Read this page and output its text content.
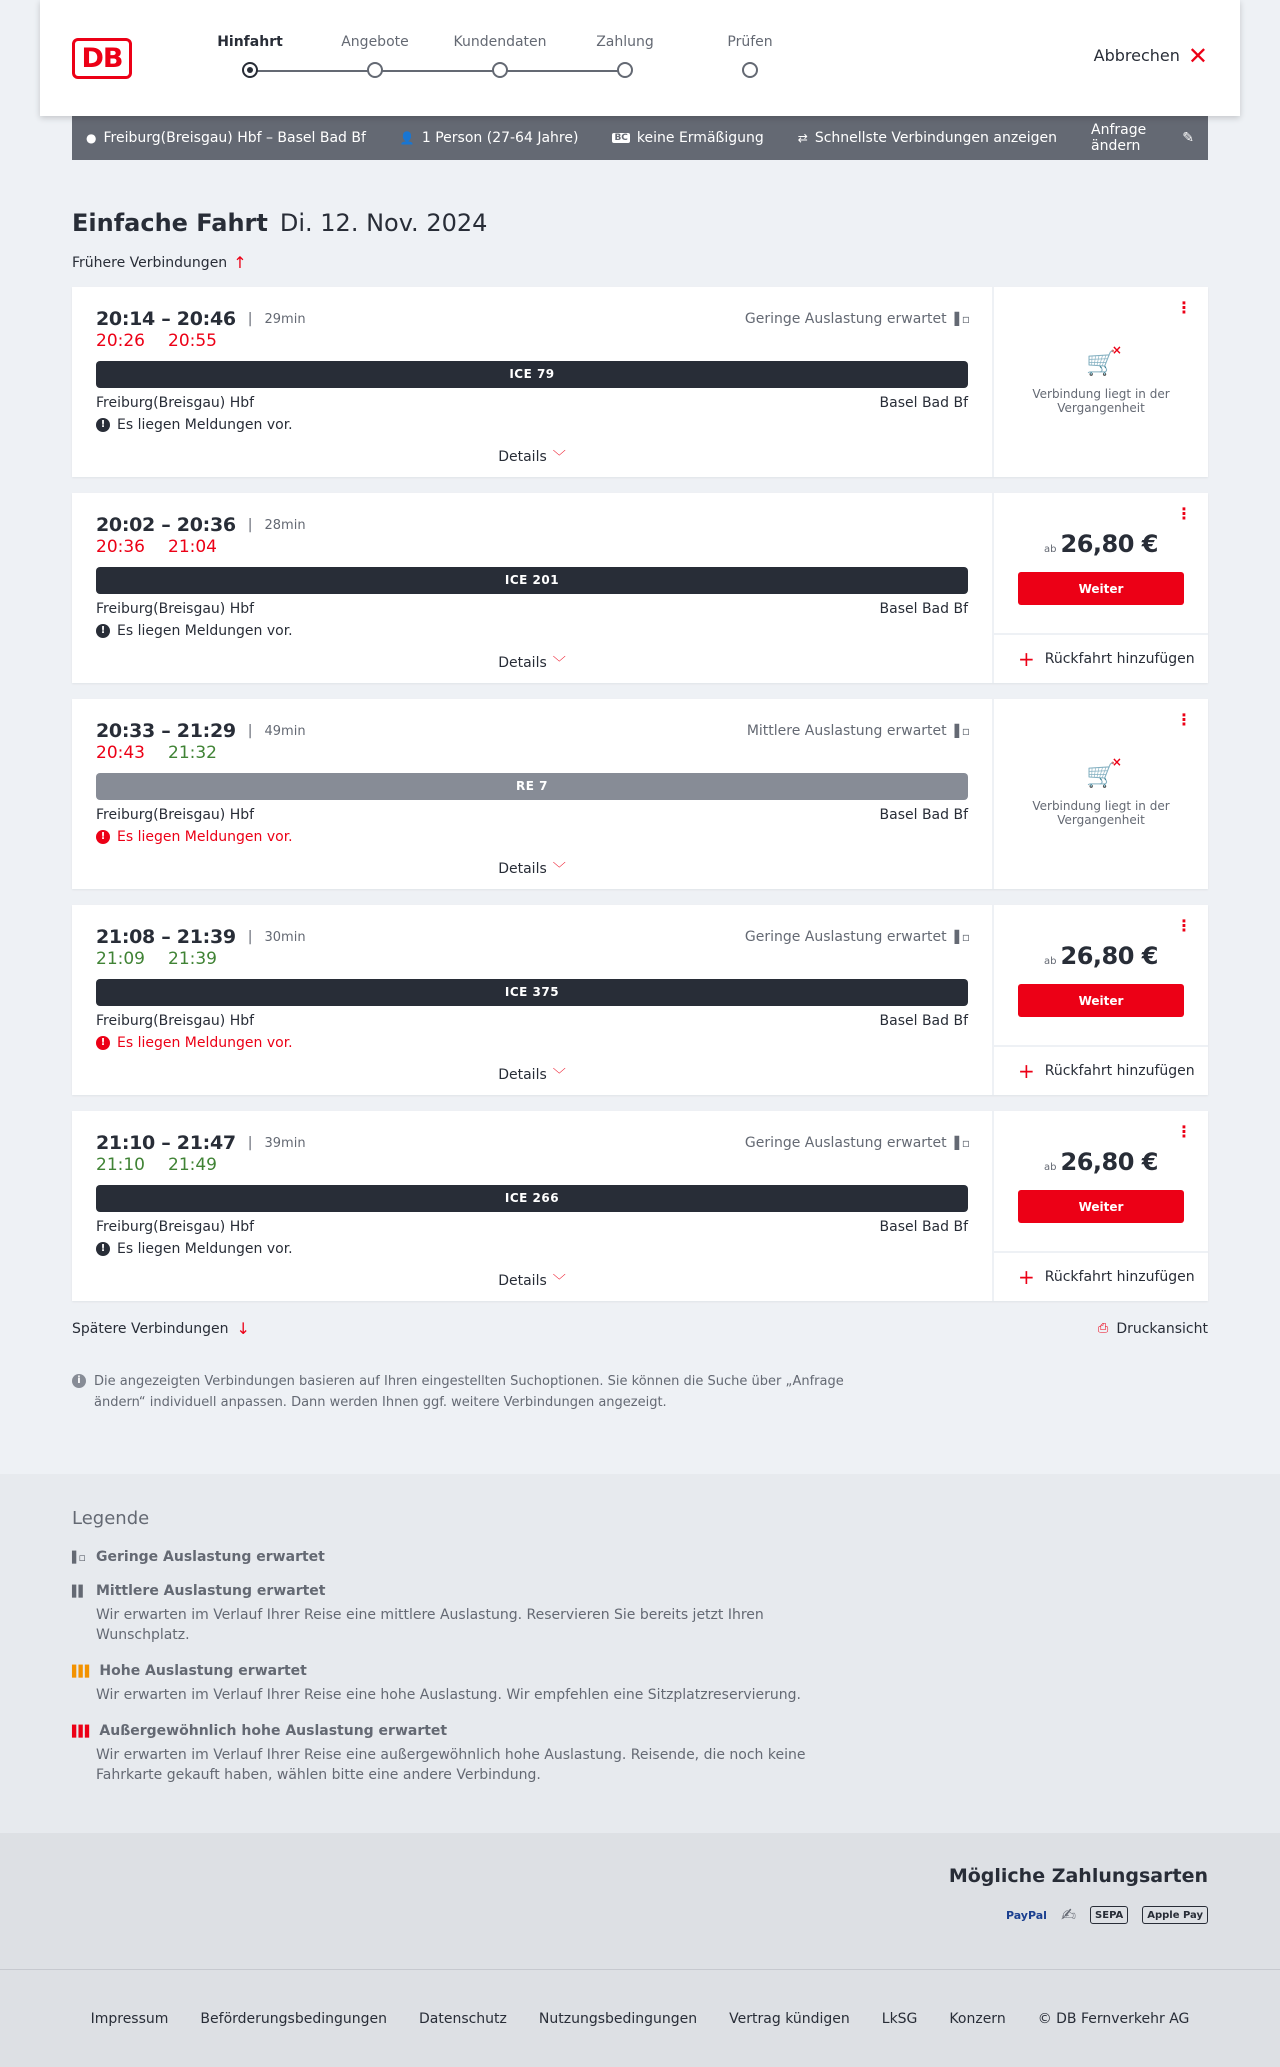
DB
Hinfahrt	Angebote	Kundendaten	Zahlung	Prüfen
Abbrechen ✕
● Freiburg(Breisgau) Hbf – Basel Bad Bf	👤 1 Person (27-64 Jahre)	BC keine Ermäßigung	⇄ Schnellste Verbindungen anzeigen Anfrage ändern	✎
Einfache Fahrt Di. 12. Nov. 2024
Frühere Verbindungen ↑
20:14 – 20:46 | 29min	Geringe Auslastung erwartet ▌▫
20:26 20:55
ICE 79
Freiburg(Breisgau) Hbf	Basel Bad Bf
! Es liegen Meldungen vor.
Details ﹀
⋮
🛒 ×
Verbindung liegt in der Vergangenheit
20:02 – 20:36 | 28min
20:36 21:04
ICE 201
Freiburg(Breisgau) Hbf	Basel Bad Bf
! Es liegen Meldungen vor.
Details ﹀
⋮
ab 26,80 €
Weiter
+ Rückfahrt hinzufügen
20:33 – 21:29 | 49min	Mittlere Auslastung erwartet ▌▫
20:43 21:32
RE 7
Freiburg(Breisgau) Hbf	Basel Bad Bf
! Es liegen Meldungen vor.
Details ﹀
⋮
🛒 ×
Verbindung liegt in der Vergangenheit
21:08 – 21:39 | 30min	Geringe Auslastung erwartet ▌▫
21:09 21:39
ICE 375
Freiburg(Breisgau) Hbf	Basel Bad Bf
! Es liegen Meldungen vor.
Details ﹀
⋮
ab 26,80 €
Weiter
+ Rückfahrt hinzufügen
21:10 – 21:47 | 39min	Geringe Auslastung erwartet ▌▫
21:10 21:49
ICE 266
Freiburg(Breisgau) Hbf	Basel Bad Bf
! Es liegen Meldungen vor.
Details ﹀
⋮
ab 26,80 €
Weiter
+ Rückfahrt hinzufügen
Spätere Verbindungen ↓	⎙ Druckansicht
i	Die angezeigten Verbindungen basieren auf Ihren eingestellten Suchoptionen. Sie können die Suche über „Anfrage ändern“ individuell anpassen. Dann werden Ihnen ggf. weitere Verbindungen angezeigt.
Legende
▌▫ Geringe Auslastung erwartet
▌▌ Mittlere Auslastung erwartet
Wir erwarten im Verlauf Ihrer Reise eine mittlere Auslastung. Reservieren Sie bereits jetzt Ihren Wunschplatz.
▌▌▌ Hohe Auslastung erwartet
Wir erwarten im Verlauf Ihrer Reise eine hohe Auslastung. Wir empfehlen eine Sitzplatzreservierung.
▌▌▌ Außergewöhnlich hohe Auslastung erwartet
Wir erwarten im Verlauf Ihrer Reise eine außergewöhnlich hohe Auslastung. Reisende, die noch keine Fahrkarte gekauft haben, wählen bitte eine andere Verbindung.
Mögliche Zahlungsarten
PayPal ✍	SEPA	Apple Pay
Impressum Beförderungsbedingungen Datenschutz Nutzungsbedingungen Vertrag kündigen LkSG Konzern © DB Fernverkehr AG
